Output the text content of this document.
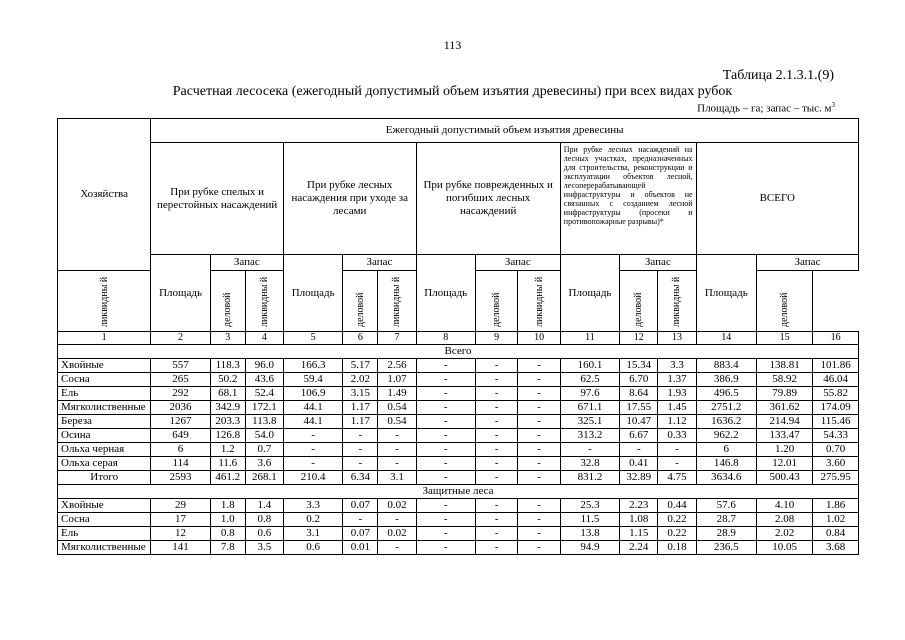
113
Таблица 2.1.3.1.(9)
Расчетная лесосека (ежегодный допустимый объем изъятия древесины) при всех видах рубок
Площадь – га; запас – тыс. $м^3$
Хозяйства	Ежегодный допустимый объем изъятия древесины														
	При рубке спелых и перестойных насаждений			При рубке лесных насаждения при уходе за лесами			При рубке поврежденных и погибших лесных насаждений			При рубке лесных насаждений на лесных участках, предназначенных для строительства, реконструкции и эксплуатации объектов лесной, лесоперерабатывающей инфраструктуры и объектов не связанных с созданием лесной инфраструктуры (просеки и противопожарные разрывы)*			ВСЕГО		
	Площадь	Запас		Площадь	Запас		Площадь	Запас		Площадь	Запас		Площадь	Запас	

ликвидны й		деловой	ликвидны й		деловой	ликвидны й		деловой	ликвидны й		деловой	ликвидны й		деловой	

1	2	3	4	5	6	7	8	9	10	11	12	13	14	15	16
Всего															
Хвойные	557	118.3	96.0	166.3	5.17	2.56	-	-	-	160.1	15.34	3.3	883.4	138.81	101.86
Сосна	265	50.2	43.6	59.4	2.02	1.07	-	-	-	62.5	6.70	1.37	386.9	58.92	46.04
Ель	292	68.1	52.4	106.9	3.15	1.49	-	-	-	97.6	8.64	1.93	496.5	79.89	55.82
Мягколиственные	2036	342.9	172.1	44.1	1.17	0.54	-	-	-	671.1	17.55	1.45	2751.2	361.62	174.09
Береза	1267	203.3	113.8	44.1	1.17	0.54	-	-	-	325.1	10.47	1.12	1636.2	214.94	115.46
Осина	649	126.8	54.0	-	-	-	-	-	-	313.2	6.67	0.33	962.2	133.47	54.33
Ольха черная	6	1.2	0.7	-	-	-	-	-	-	-	-	-	6	1.20	0.70
Ольха серая	114	11.6	3.6	-	-	-	-	-	-	32.8	0.41	-	146.8	12.01	3.60
Итого	2593	461.2	268.1	210.4	6.34	3.1	-	-	-	831.2	32.89	4.75	3634.6	500.43	275.95
Защитные леса															
Хвойные	29	1.8	1.4	3.3	0.07	0.02	-	-	-	25.3	2.23	0.44	57.6	4.10	1.86
Сосна	17	1.0	0.8	0.2	-	-	-	-	-	11.5	1.08	0.22	28.7	2.08	1.02
Ель	12	0.8	0.6	3.1	0.07	0.02	-	-	-	13.8	1.15	0.22	28.9	2.02	0.84
Мягколиственные	141	7.8	3.5	0.6	0.01	-	-	-	-	94.9	2.24	0.18	236.5	10.05	3.68
